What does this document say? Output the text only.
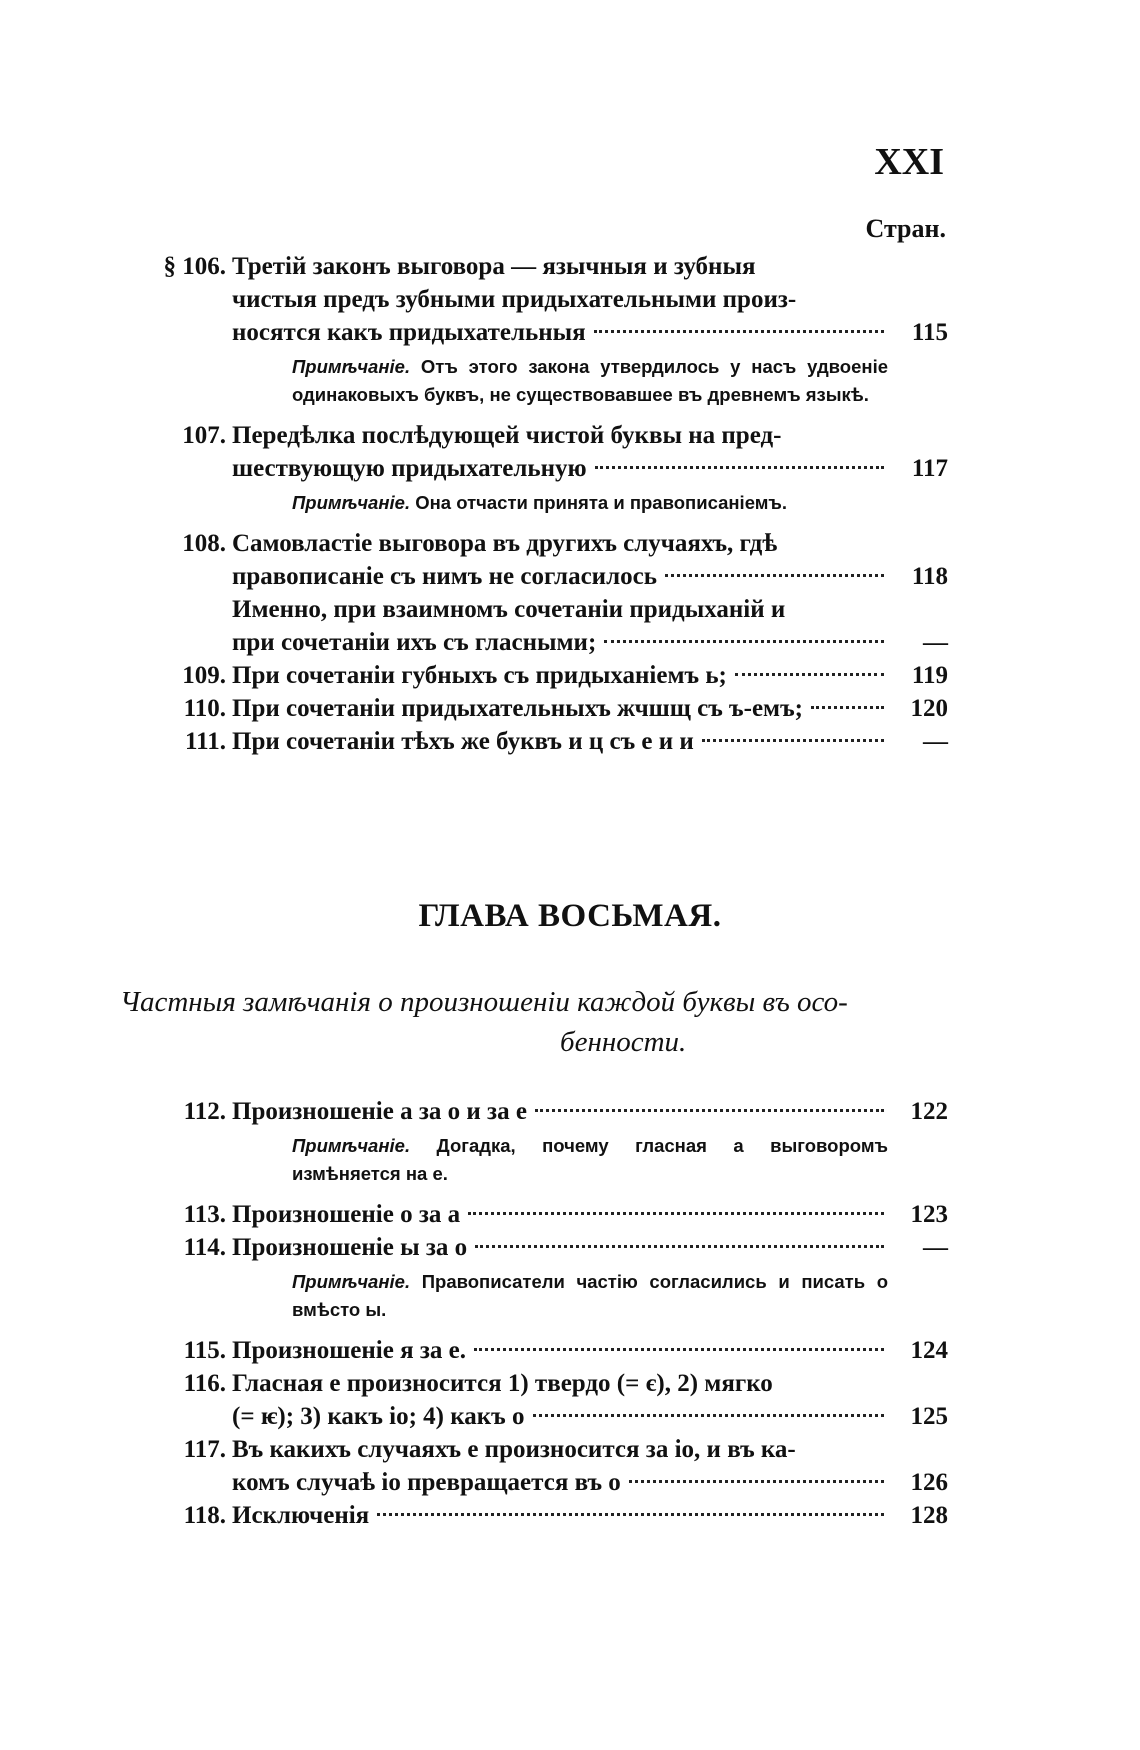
XXI
Стран.
§ 106. Третій законъ выговора — язычныя и зубныя
чистыя предъ зубными придыхательными произ-
носятся какъ придыхательныя	115
Примѣчаніе. Отъ этого закона утвердилось у насъ удвоеніе одинаковыхъ буквъ, не существовавшее въ древнемъ языкѣ.
107. Передѣлка послѣдующей чистой буквы на пред-
шествующую придыхательную	117
Примѣчаніе. Она отчасти принята и правописаніемъ.
108. Самовластіе выговора въ другихъ случаяхъ, гдѣ
правописаніе съ нимъ не согласилось	118
Именно, при взаимномъ сочетаніи придыханій и
при сочетаніи ихъ съ гласными;	—
109. При сочетаніи губныхъ съ придыханіемъ ь;	119
110. При сочетаніи придыхательныхъ жчшщ съ ъ-емъ;	120
111. При сочетаніи тѣхъ же буквъ и ц съ е и и	—
ГЛАВА ВОСЬМАЯ.
Частныя замѣчанія о произношеніи каждой буквы въ осо-
бенности.
112. Произношеніе а за о и за е	122
Примѣчаніе. Догадка, почему гласная а выговоромъ измѣняется на е.
113. Произношеніе о за а	123
114. Произношеніе ы за о	—
Примѣчаніе. Правописатели частію согласились и писать о вмѣсто ы.
115. Произношеніе я за е.	124
116. Гласная е произносится 1) твердо (= є), 2) мягко
(= ѥ); 3) какъ іо; 4) какъ о	125
117. Въ какихъ случаяхъ е произносится за іо, и въ ка-
комъ случаѣ іо превращается въ о	126
118. Исключенія	128
